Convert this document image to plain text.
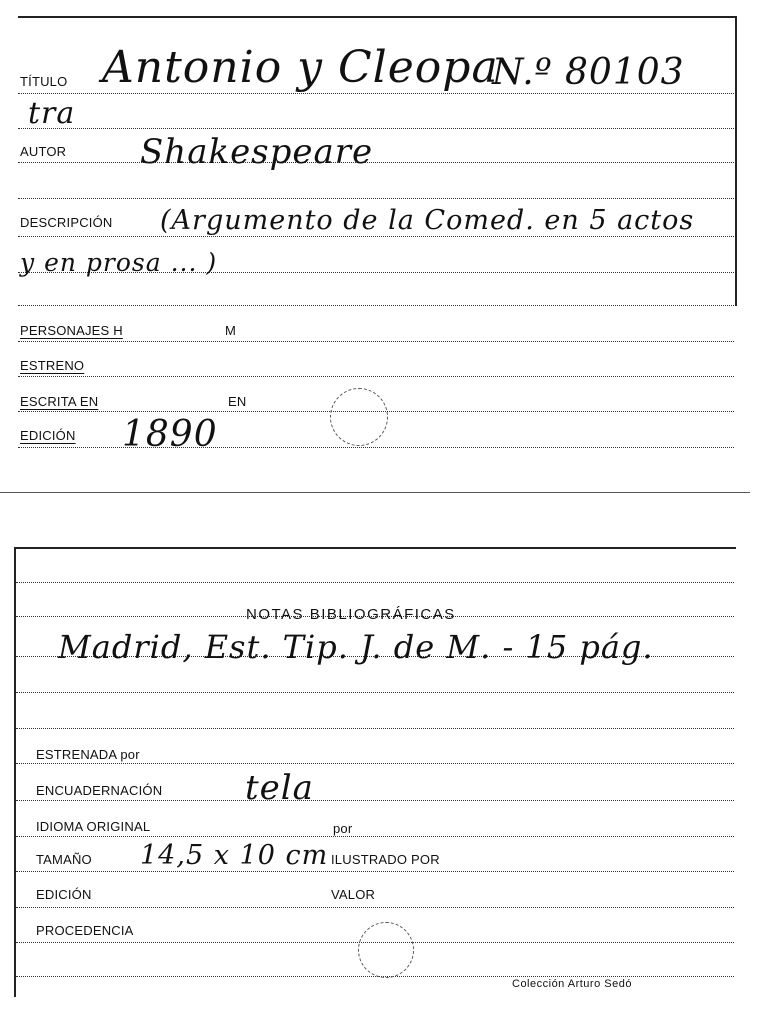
TÍTULO Antonio y Cleopa
N.º 80103
tra
AUTOR Shakespeare
DESCRIPCIÓN (Argumento de la Comed. en 5 actos
y en prosa ... )
PERSONAJES H	M
ESTRENO
ESCRITA EN	EN
EDICIÓN 1890
NOTAS BIBLIOGRÁFICAS
Madrid, Est. Tip. J. de M. - 15 pág.
ESTRENADA por
ENCUADERNACIÓN tela
IDIOMA ORIGINAL	por
TAMAÑO 14,5 x 10 cm ILUSTRADO POR
EDICIÓN	VALOR
PROCEDENCIA
Colección Arturo Sedó
